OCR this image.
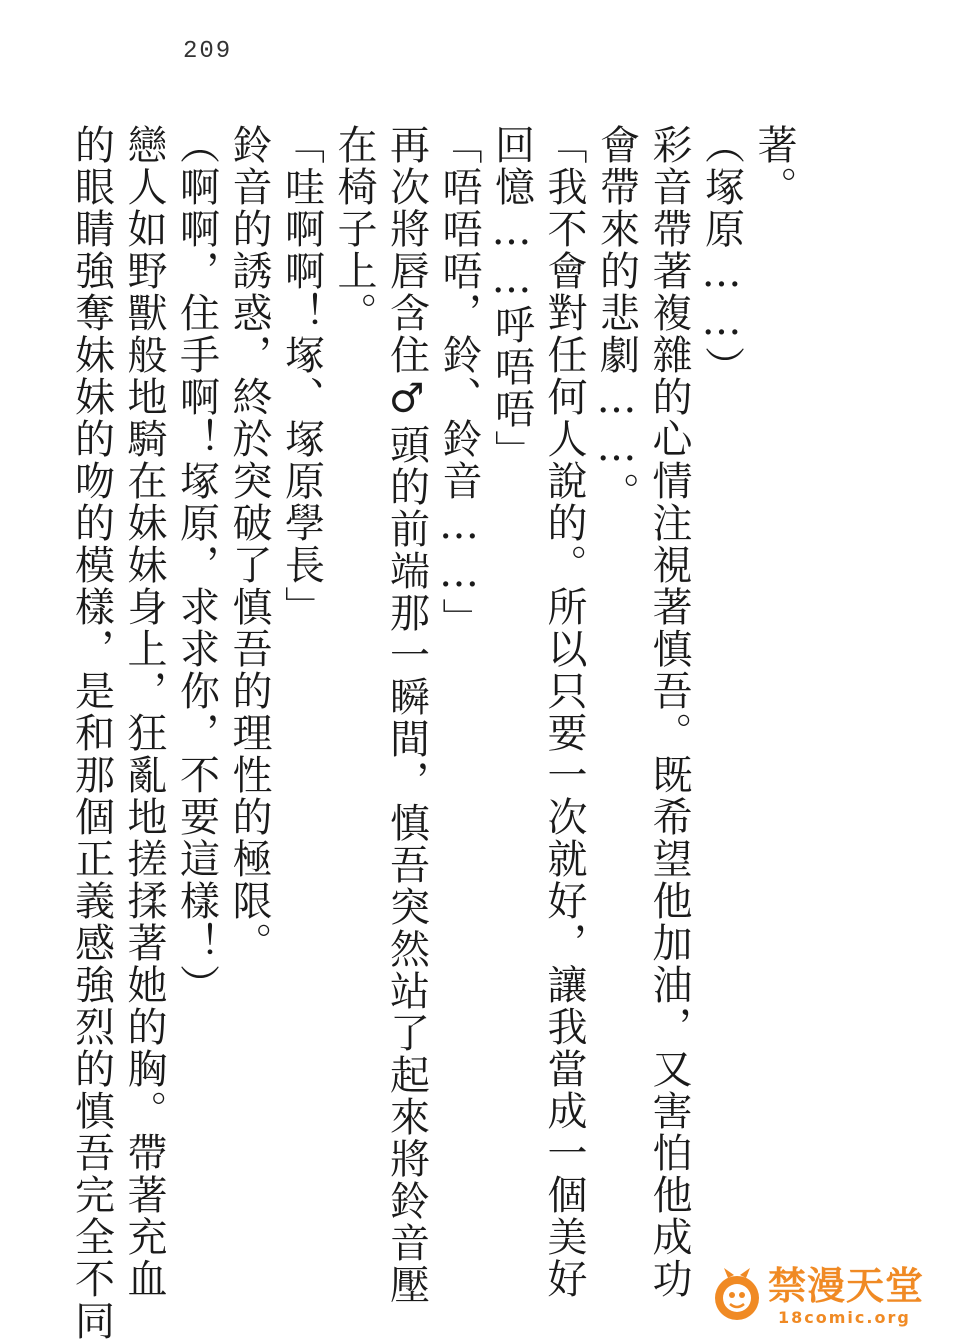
209
著。
（塚原……）
彩音帶著複雜的心情注視著慎吾。既希望他加油，又害怕他成功
會帶來的悲劇……。
「我不會對任何人說的。所以只要一次就好，讓我當成一個美好
回憶……呼唔唔」
「唔唔唔，鈴、鈴音……」
再次將唇含住♂頭的前端那一瞬間，慎吾突然站了起來將鈴音壓
在椅子上。
「哇啊啊！塚、塚原學長」
鈴音的誘惑，終於突破了慎吾的理性的極限。
（啊啊，住手啊！塚原，求求你，不要這樣！）
戀人如野獸般地騎在妹妹身上，狂亂地搓揉著她的胸。帶著充血
的眼睛強奪妹妹的吻的模樣，是和那個正義感強烈的慎吾完全不同	禁漫天堂
18comic.org
